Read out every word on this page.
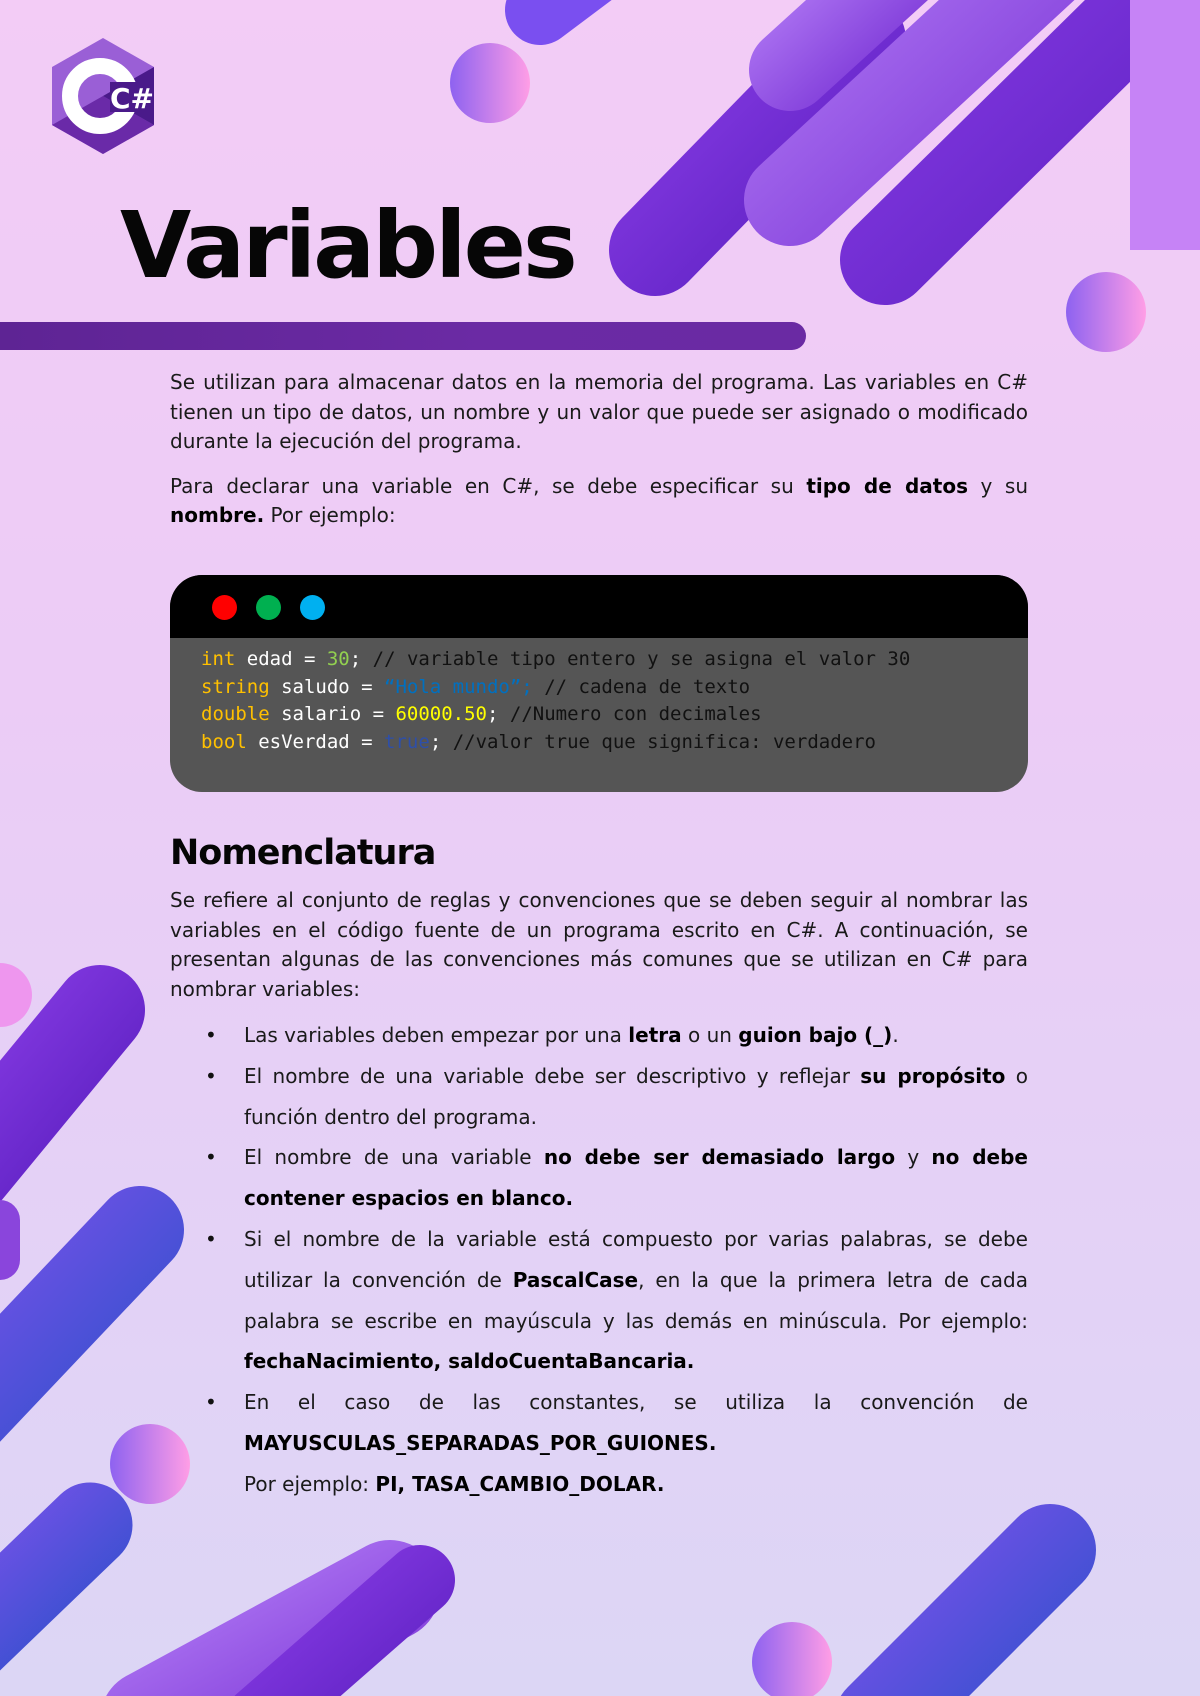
C#
Variables

Se utilizan para almacenar datos en la memoria del programa. Las variables en C# tienen un tipo de datos, un nombre y un valor que puede ser asignado o modificado durante la ejecución del programa.

Para declarar una variable en C#, se debe especificar su tipo de datos y su nombre. Por ejemplo:

int edad = 30; // variable tipo entero y se asigna el valor 30
string saludo = “Hola mundo”; // cadena de texto
double salario = 60000.50; //Numero con decimales
bool esVerdad = true; //valor true que significa: verdadero
Nomenclatura

Se refiere al conjunto de reglas y convenciones que se deben seguir al nombrar las variables en el código fuente de un programa escrito en C#. A continuación, se presentan algunas de las convenciones más comunes que se utilizan en C# para nombrar variables:

• Las variables deben empezar por una letra o un guion bajo (_).
• El nombre de una variable debe ser descriptivo y reflejar su propósito o función dentro del programa.
• El nombre de una variable no debe ser demasiado largo y no debe contener espacios en blanco.
• Si el nombre de la variable está compuesto por varias palabras, se debe utilizar la convención de PascalCase, en la que la primera letra de cada palabra se escribe en mayúscula y las demás en minúscula. Por ejemplo: fechaNacimiento, saldoCuentaBancaria.
• En el caso de las constantes, se utiliza la convención de MAYUSCULAS_SEPARADAS_POR_GUIONES.
Por ejemplo: PI, TASA_CAMBIO_DOLAR.
